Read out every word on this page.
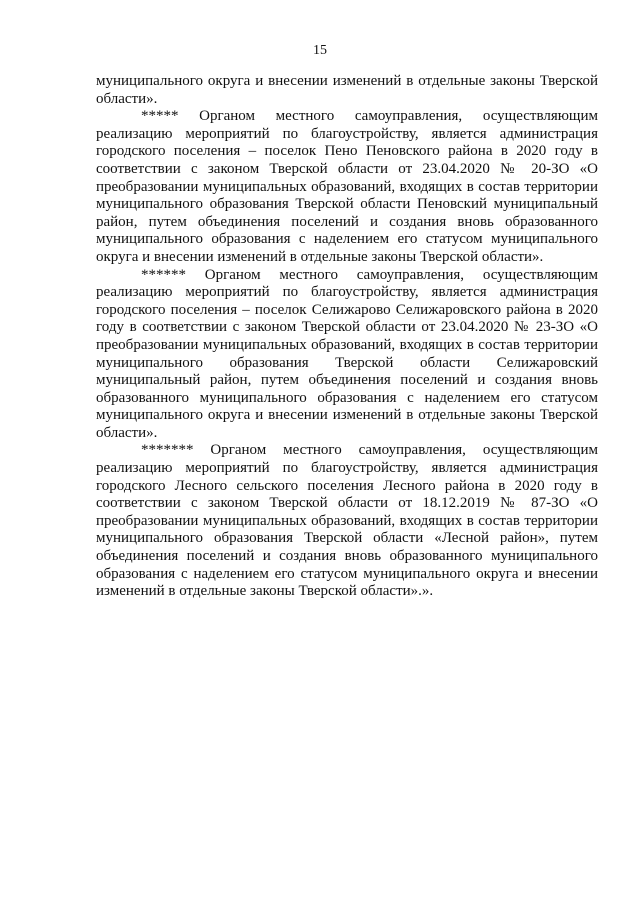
15

муниципального округа и внесении изменений в отдельные законы Тверской области».

***** Органом местного самоуправления, осуществляющим реализацию мероприятий по благоустройству, является администрация городского поселения – поселок Пено Пеновского района в 2020 году в соответствии с законом Тверской области от 23.04.2020 № 20-ЗО «О преобразовании муниципальных образований, входящих в состав территории муниципального образования Тверской области Пеновский муниципальный район, путем объединения поселений и создания вновь образованного муниципального образования с наделением его статусом муниципального округа и внесении изменений в отдельные законы Тверской области».

****** Органом местного самоуправления, осуществляющим реализацию мероприятий по благоустройству, является администрация городского поселения – поселок Селижарово Селижаровского района в 2020 году в соответствии с законом Тверской области от 23.04.2020 № 23-ЗО «О преобразовании муниципальных образований, входящих в состав территории муниципального образования Тверской области Селижаровский муниципальный район, путем объединения поселений и создания вновь образованного муниципального образования с наделением его статусом муниципального округа и внесении изменений в отдельные законы Тверской области».

******* Органом местного самоуправления, осуществляющим реализацию мероприятий по благоустройству, является администрация городского Лесного сельского поселения Лесного района в 2020 году в соответствии с законом Тверской области от 18.12.2019 № 87-ЗО «О преобразовании муниципальных образований, входящих в состав территории муниципального образования Тверской области «Лесной район», путем объединения поселений и создания вновь образованного муниципального образования с наделением его статусом муниципального округа и внесении изменений в отдельные законы Тверской области».».
